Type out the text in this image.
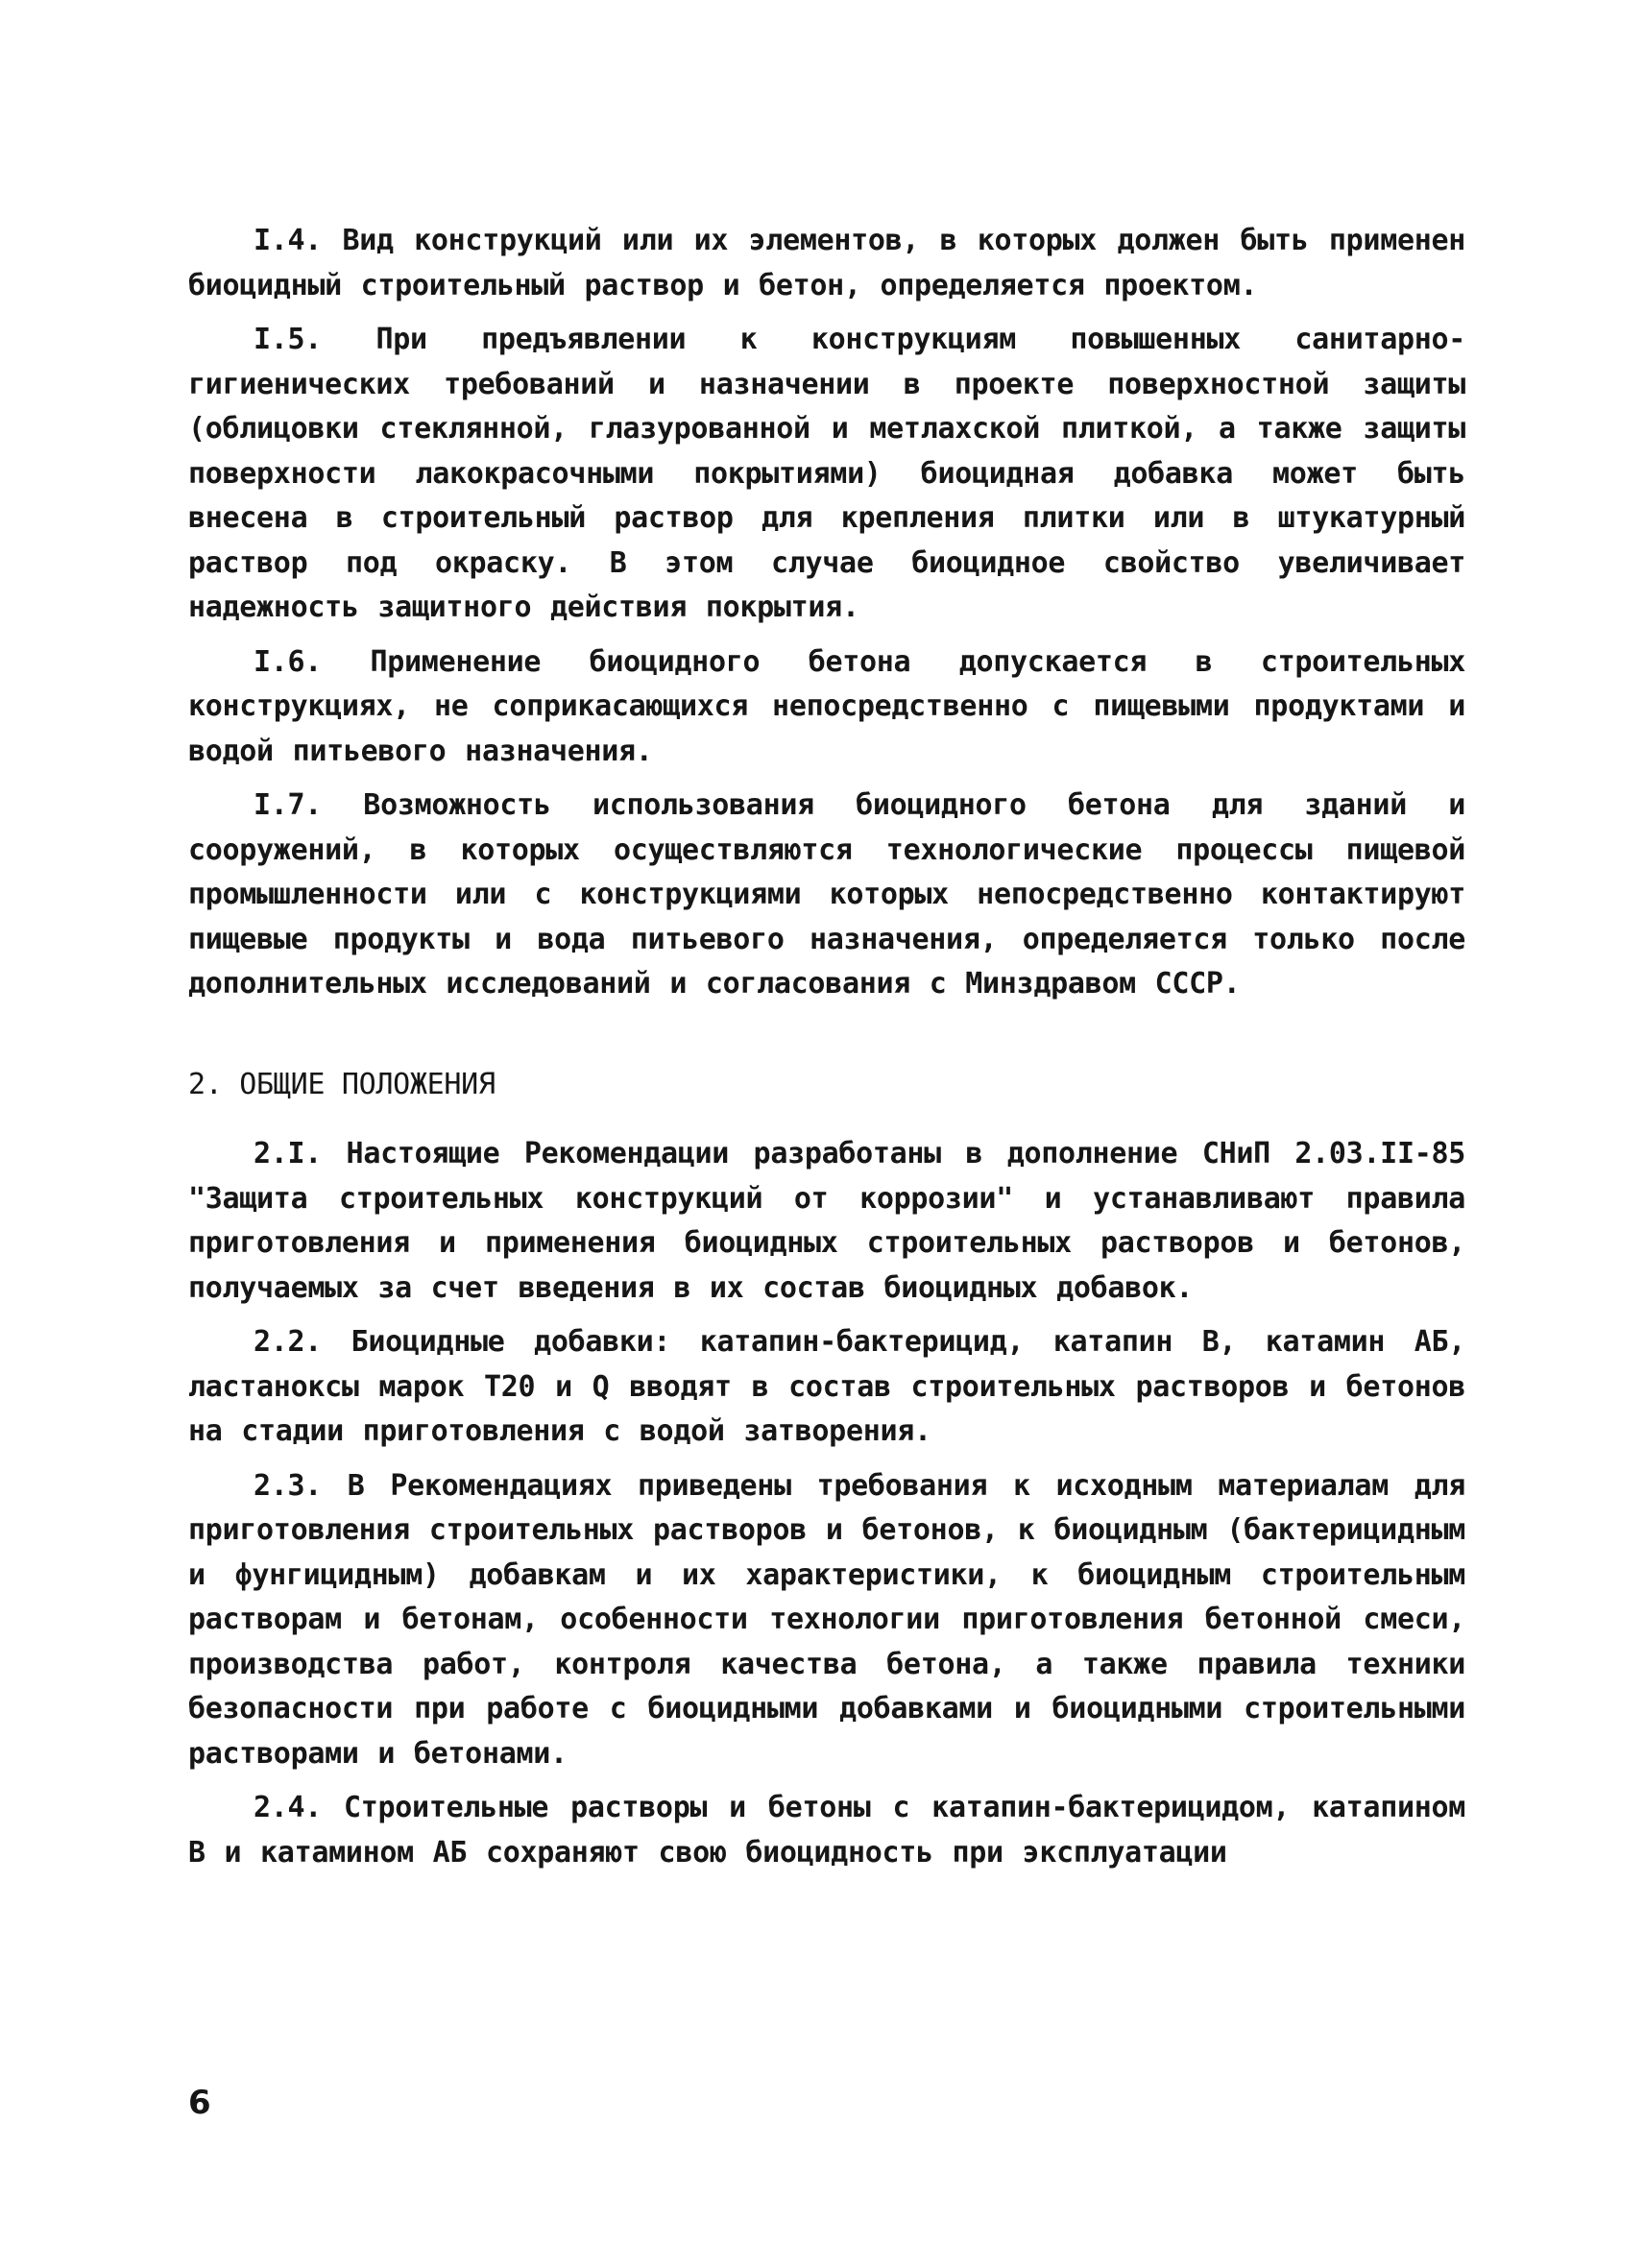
I.4. Вид конструкций или их элементов, в которых должен быть применен биоцидный строительный раствор и бетон, определяется проектом.

I.5. При предъявлении к конструкциям повышенных санитарно-гигиенических требований и назначении в проекте поверхностной защиты (облицовки стеклянной, глазурованной и метлахской плиткой, а также защиты поверхности лакокрасочными покрытиями) биоцидная добавка может быть внесена в строительный раствор для крепления плитки или в штукатурный раствор под окраску. В этом случае биоцидное свойство увеличивает надежность защитного действия покрытия.

I.6. Применение биоцидного бетона допускается в строительных конструкциях, не соприкасающихся непосредственно с пищевыми продуктами и водой питьевого назначения.

I.7. Возможность использования биоцидного бетона для зданий и сооружений, в которых осуществляются технологические процессы пищевой промышленности или с конструкциями которых непосредственно контактируют пищевые продукты и вода питьевого назначения, определяется только после дополнительных исследований и согласования с Минздравом СССР.

2. ОБЩИЕ ПОЛОЖЕНИЯ

2.I. Настоящие Рекомендации разработаны в дополнение СНиП 2.03.II-85 "Защита строительных конструкций от коррозии" и устанавливают правила приготовления и применения биоцидных строительных растворов и бетонов, получаемых за счет введения в их состав биоцидных добавок.

2.2. Биоцидные добавки: катапин-бактерицид, катапин В, катамин АБ, ластаноксы марок Т20 и Q вводят в состав строительных растворов и бетонов на стадии приготовления с водой затворения.

2.3. В Рекомендациях приведены требования к исходным материалам для приготовления строительных растворов и бетонов, к биоцидным (бактерицидным и фунгицидным) добавкам и их характеристики, к биоцидным строительным растворам и бетонам, особенности технологии приготовления бетонной смеси, производства работ, контроля качества бетона, а также правила техники безопасности при работе с биоцидными добавками и биоцидными строительными растворами и бетонами.

2.4. Строительные растворы и бетоны с катапин-бактерицидом, катапином В и катамином АБ сохраняют свою биоцидность при эксплуатации

6
